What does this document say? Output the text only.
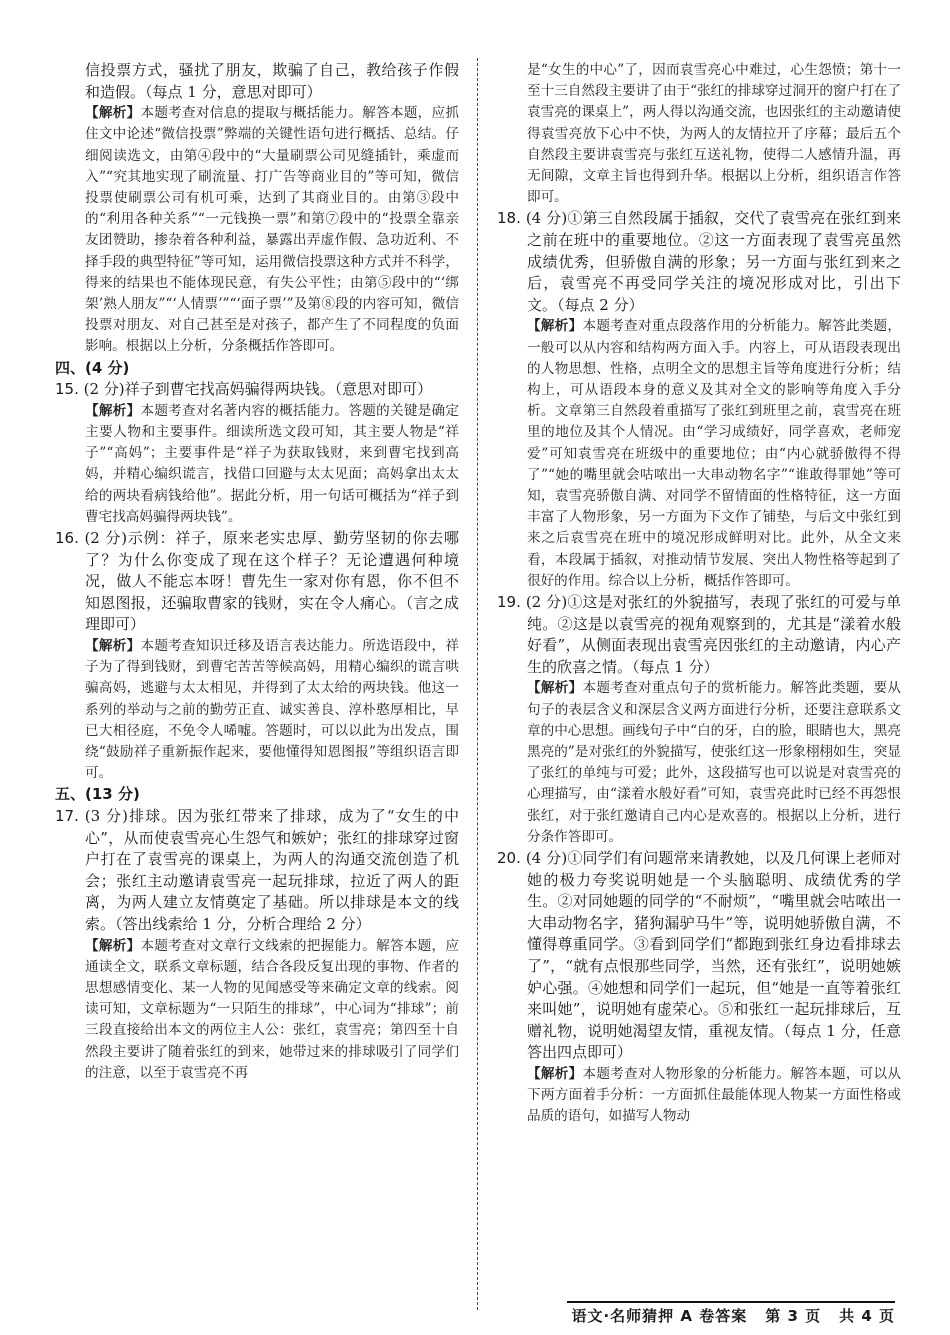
信投票方式，骚扰了朋友，欺骗了自己，教给孩子作假和造假。（每点 1 分，意思对即可）

【解析】本题考查对信息的提取与概括能力。解答本题，应抓住文中论述“微信投票”弊端的关键性语句进行概括、总结。仔细阅读选文，由第④段中的“大量刷票公司见缝插针，乘虚而入”“究其地实现了刷流量、打广告等商业目的”等可知，微信投票使刷票公司有机可乘，达到了其商业目的。由第③段中的“利用各种关系”“一元钱换一票”和第⑦段中的“投票全靠亲友团赞助，掺杂着各种利益，暴露出弄虚作假、急功近利、不择手段的典型特征”等可知，运用微信投票这种方式并不科学，得来的结果也不能体现民意，有失公平性；由第⑤段中的“‘绑架’熟人朋友”“‘人情票’”“‘面子票’”及第⑧段的内容可知，微信投票对朋友、对自己甚至是对孩子，都产生了不同程度的负面影响。根据以上分析，分条概括作答即可。

四、(4 分)

15. (2 分)祥子到曹宅找高妈骗得两块钱。（意思对即可）

【解析】本题考查对名著内容的概括能力。答题的关键是确定主要人物和主要事件。细读所选文段可知，其主要人物是“祥子”“高妈”；主要事件是“祥子为获取钱财，来到曹宅找到高妈，并精心编织谎言，找借口回避与太太见面；高妈拿出太太给的两块看病钱给他”。据此分析，用一句话可概括为“祥子到曹宅找高妈骗得两块钱”。

16. (2 分)示例：祥子，原来老实忠厚、勤劳坚韧的你去哪了？为什么你变成了现在这个样子？无论遭遇何种境况，做人不能忘本呀！曹先生一家对你有恩，你不但不知恩图报，还骗取曹家的钱财，实在令人痛心。（言之成理即可）

【解析】本题考查知识迁移及语言表达能力。所选语段中，祥子为了得到钱财，到曹宅苦苦等候高妈，用精心编织的谎言哄骗高妈，逃避与太太相见，并得到了太太给的两块钱。他这一系列的举动与之前的勤劳正直、诚实善良、淳朴憨厚相比，早已大相径庭，不免令人唏嘘。答题时，可以以此为出发点，围绕“鼓励祥子重新振作起来，要他懂得知恩图报”等组织语言即可。

五、(13 分)

17. (3 分)排球。因为张红带来了排球，成为了“女生的中心”，从而使袁雪亮心生怨气和嫉妒；张红的排球穿过窗户打在了袁雪亮的课桌上，为两人的沟通交流创造了机会；张红主动邀请袁雪亮一起玩排球，拉近了两人的距离，为两人建立友情奠定了基础。所以排球是本文的线索。（答出线索给 1 分，分析合理给 2 分）

【解析】本题考查对文章行文线索的把握能力。解答本题，应通读全文，联系文章标题，结合各段反复出现的事物、作者的思想感情变化、某一人物的见闻感受等来确定文章的线索。阅读可知，文章标题为“一只陌生的排球”，中心词为“排球”；前三段直接给出本文的两位主人公：张红，袁雪亮；第四至十自然段主要讲了随着张红的到来，她带过来的排球吸引了同学们的注意，以至于袁雪亮不再

是“女生的中心”了，因而袁雪亮心中难过，心生怨愤；第十一至十三自然段主要讲了由于“张红的排球穿过洞开的窗户打在了袁雪亮的课桌上”，两人得以沟通交流，也因张红的主动邀请使得袁雪亮放下心中不快，为两人的友情拉开了序幕；最后五个自然段主要讲袁雪亮与张红互送礼物，使得二人感情升温，再无间隙，文章主旨也得到升华。根据以上分析，组织语言作答即可。

18. (4 分)①第三自然段属于插叙，交代了袁雪亮在张红到来之前在班中的重要地位。②这一方面表现了袁雪亮虽然成绩优秀，但骄傲自满的形象；另一方面与张红到来之后，袁雪亮不再受同学关注的境况形成对比，引出下文。（每点 2 分）

【解析】本题考查对重点段落作用的分析能力。解答此类题，一般可以从内容和结构两方面入手。内容上，可从语段表现出的人物思想、性格，点明全文的思想主旨等角度进行分析；结构上，可从语段本身的意义及其对全文的影响等角度入手分析。文章第三自然段着重描写了张红到班里之前，袁雪亮在班里的地位及其个人情况。由“学习成绩好，同学喜欢，老师宠爱”可知袁雪亮在班级中的重要地位；由“内心就骄傲得不得了”“她的嘴里就会咕哝出一大串动物名字”“谁敢得罪她”等可知，袁雪亮骄傲自满、对同学不留情面的性格特征，这一方面丰富了人物形象，另一方面为下文作了铺垫，与后文中张红到来之后袁雪亮在班中的境况形成鲜明对比。此外，从全文来看，本段属于插叙，对推动情节发展、突出人物性格等起到了很好的作用。综合以上分析，概括作答即可。

19. (2 分)①这是对张红的外貌描写，表现了张红的可爱与单纯。②这是以袁雪亮的视角观察到的，尤其是“漾着水般好看”，从侧面表现出袁雪亮因张红的主动邀请，内心产生的欣喜之情。（每点 1 分）

【解析】本题考查对重点句子的赏析能力。解答此类题，要从句子的表层含义和深层含义两方面进行分析，还要注意联系文章的中心思想。画线句子中“白的牙，白的脸，眼睛也大，黑亮黑亮的”是对张红的外貌描写，使张红这一形象栩栩如生，突显了张红的单纯与可爱；此外，这段描写也可以说是对袁雪亮的心理描写，由“漾着水般好看”可知，袁雪亮此时已经不再怨恨张红，对于张红邀请自己内心是欢喜的。根据以上分析，进行分条作答即可。

20. (4 分)①同学们有问题常来请教她，以及几何课上老师对她的极力夸奖说明她是一个头脑聪明、成绩优秀的学生。②对同她题的同学的“不耐烦”，“嘴里就会咕哝出一大串动物名字，猪狗漏驴马牛”等，说明她骄傲自满，不懂得尊重同学。③看到同学们“都跑到张红身边看排球去了”，“就有点恨那些同学，当然，还有张红”，说明她嫉妒心强。④她想和同学们一起玩，但“她是一直等着张红来叫她”，说明她有虚荣心。⑤和张红一起玩排球后，互赠礼物，说明她渴望友情，重视友情。（每点 1 分，任意答出四点即可）

【解析】本题考查对人物形象的分析能力。解答本题，可以从下两方面着手分析：一方面抓住最能体现人物某一方面性格或品质的语句，如描写人物动

语文·名师猜押 A 卷答案 第 3 页 共 4 页
